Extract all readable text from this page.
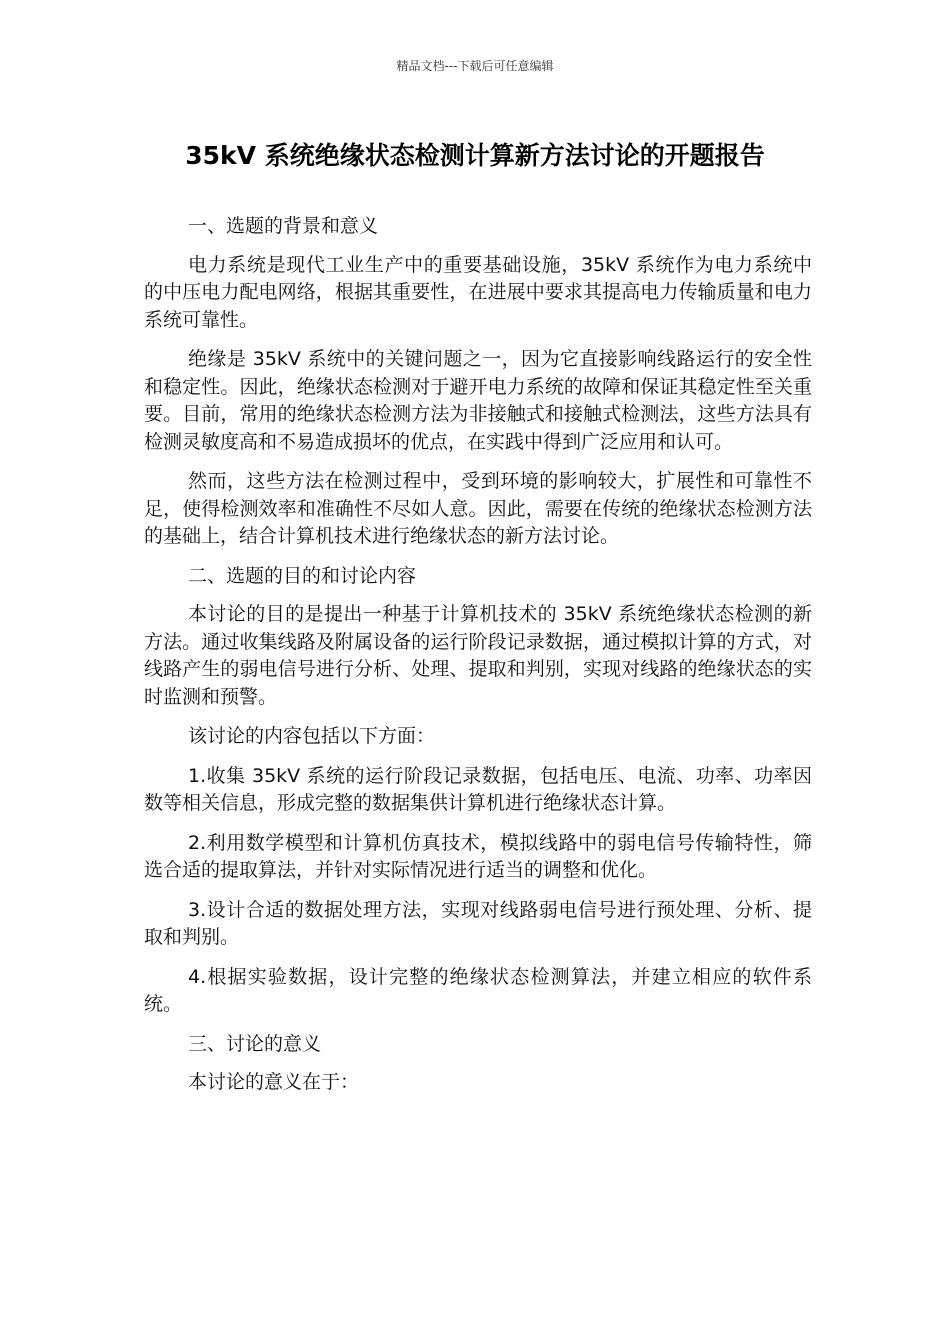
精品文档---下载后可任意编辑
35kV 系统绝缘状态检测计算新方法讨论的开题报告

一、选题的背景和意义

电力系统是现代工业生产中的重要基础设施，35kV 系统作为电力系统中的中压电力配电网络，根据其重要性，在进展中要求其提高电力传输质量和电力系统可靠性。

绝缘是 35kV 系统中的关键问题之一，因为它直接影响线路运行的安全性和稳定性。因此，绝缘状态检测对于避开电力系统的故障和保证其稳定性至关重要。目前，常用的绝缘状态检测方法为非接触式和接触式检测法，这些方法具有检测灵敏度高和不易造成损坏的优点，在实践中得到广泛应用和认可。

然而，这些方法在检测过程中，受到环境的影响较大，扩展性和可靠性不足，使得检测效率和准确性不尽如人意。因此，需要在传统的绝缘状态检测方法的基础上，结合计算机技术进行绝缘状态的新方法讨论。

二、选题的目的和讨论内容

本讨论的目的是提出一种基于计算机技术的 35kV 系统绝缘状态检测的新方法。通过收集线路及附属设备的运行阶段记录数据，通过模拟计算的方式，对线路产生的弱电信号进行分析、处理、提取和判别，实现对线路的绝缘状态的实时监测和预警。

该讨论的内容包括以下方面：

1.收集 35kV 系统的运行阶段记录数据，包括电压、电流、功率、功率因数等相关信息，形成完整的数据集供计算机进行绝缘状态计算。

2.利用数学模型和计算机仿真技术，模拟线路中的弱电信号传输特性，筛选合适的提取算法，并针对实际情况进行适当的调整和优化。

3.设计合适的数据处理方法，实现对线路弱电信号进行预处理、分析、提取和判别。

4.根据实验数据，设计完整的绝缘状态检测算法，并建立相应的软件系统。

三、讨论的意义

本讨论的意义在于：
